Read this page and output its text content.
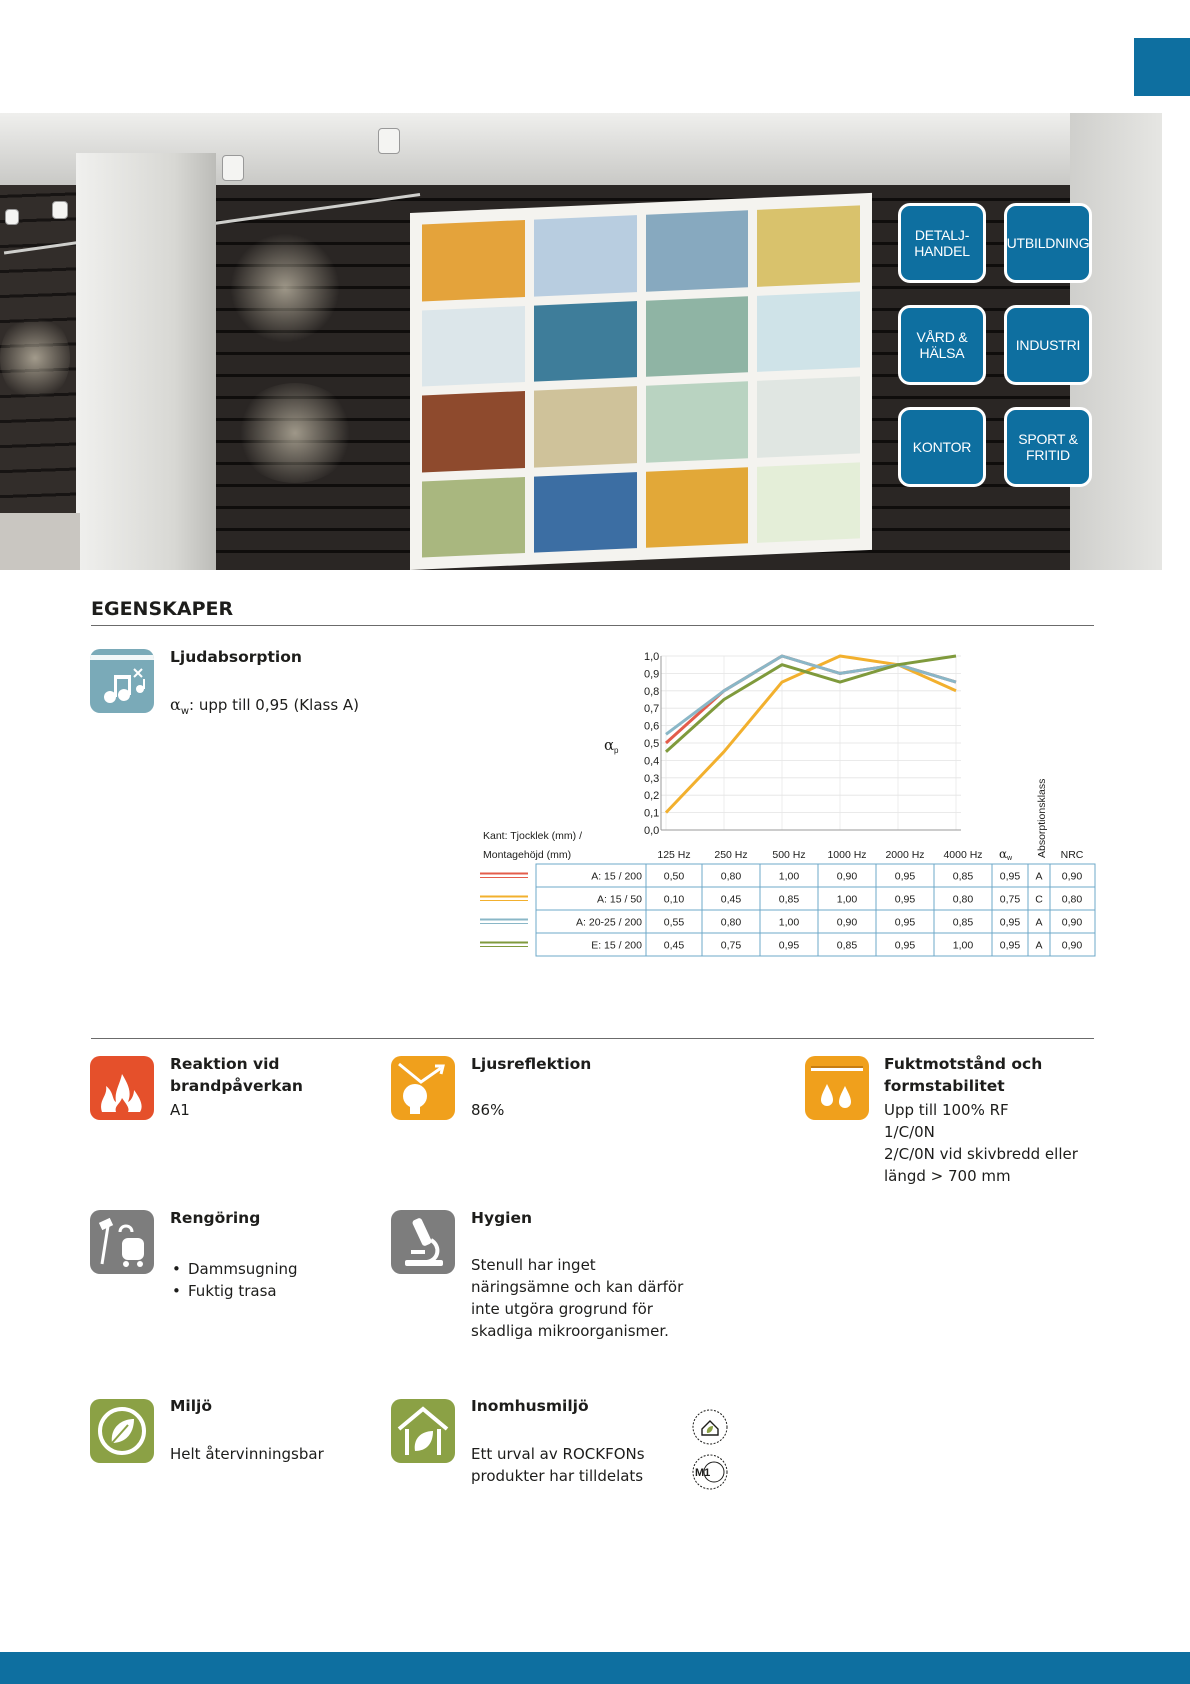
DETALJ-
HANDEL	UTBILDNING
VÅRD & HÄLSA	INDUSTRI
KONTOR	SPORT &
FRITID
EGENSKAPER
Ljudabsorption
$\alpha_w$: upp till 0,95 (Klass A)
1,0
0,9
0,8
0,7
0,6
0,5
0,4
0,3
0,2
0,1
0,0
α p
Kant: Tjocklek (mm) /
Montagehöjd (mm)	125 Hz 250 Hz 500 Hz 1000 Hz 2000 Hz 4000 Hz α w
Absorptionsklass NRC
A: 15 / 200 0,50	0,80	1,00	0,90	0,95	0,85	0,95 A 0,90
A: 15 / 50 0,10	0,45	0,85	1,00	0,95	0,80	0,75 C 0,80
A: 20-25 / 200 0,55	0,80	1,00	0,90	0,95	0,85	0,95 A 0,90
E: 15 / 200 0,45	0,75	0,95	0,85	0,95	1,00	0,95 A 0,90
Reaktion vid
brandpåverkan
A1
Ljusreflektion
86%
Fuktmotstånd och
formstabilitet
Upp till 100% RF
1/C/0N
2/C/0N vid skivbredd eller
längd > 700 mm
Rengöring
• Dammsugning
• Fuktig trasa
Hygien
Stenull har inget
näringsämne och kan därför
inte utgöra grogrund för
skadliga mikroorganismer.
Miljö
Helt återvinningsbar
Inomhusmiljö
Ett urval av ROCKFONs
produkter har tilldelats	M1
